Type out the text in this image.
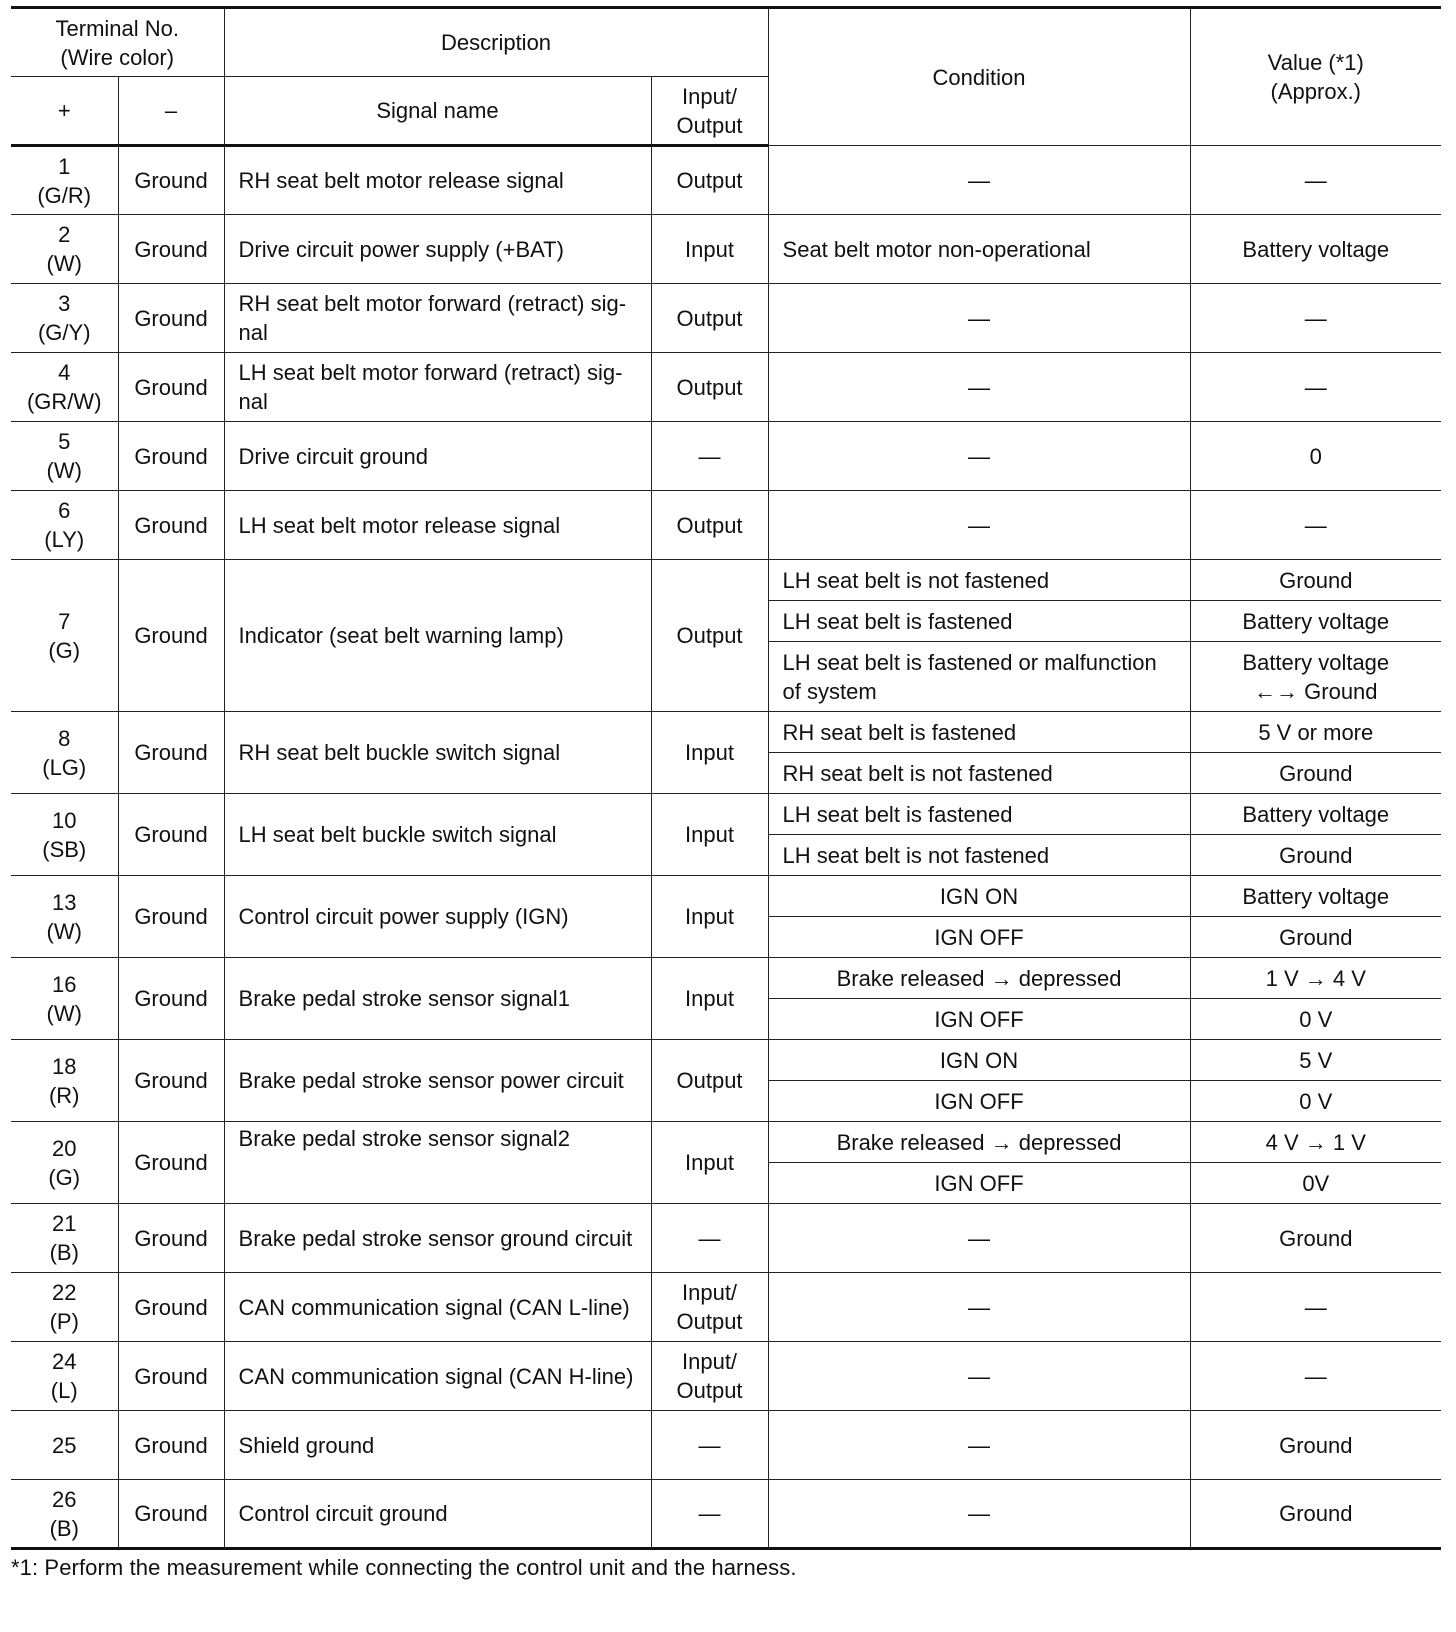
Terminal No.
(Wire color)		Description		Condition	Value (*1)
(Approx.)
+	–	Signal name	Input/
Output		

1
(G/R)	Ground	RH seat belt motor release signal	Output	—	—

2
(W)	Ground	Drive circuit power supply (+BAT)	Input	Seat belt motor non-operational	Battery voltage

3
(G/Y)	Ground	RH seat belt motor forward (retract) sig-
nal	Output	—	—

4
(GR/W)	Ground	LH seat belt motor forward (retract) sig-
nal	Output	—	—

5
(W)	Ground	Drive circuit ground	—	—	0

6
(LY)	Ground	LH seat belt motor release signal	Output	—	—

7
(G)	Ground	Indicator (seat belt warning lamp)	Output	LH seat belt is not fastened	Ground
				LH seat belt is fastened	Battery voltage
				LH seat belt is fastened or malfunction
of system	Battery voltage
←→ Ground

8
(LG)	Ground	RH seat belt buckle switch signal	Input	RH seat belt is fastened	5 V or more
				RH seat belt is not fastened	Ground

10
(SB)	Ground	LH seat belt buckle switch signal	Input	LH seat belt is fastened	Battery voltage
				LH seat belt is not fastened	Ground

13
(W)	Ground	Control circuit power supply (IGN)	Input	IGN ON	Battery voltage
				IGN OFF	Ground

16
(W)	Ground	Brake pedal stroke sensor signal1	Input	Brake released → depressed	1 V → 4 V
				IGN OFF	0 V

18
(R)	Ground	Brake pedal stroke sensor power circuit	Output	IGN ON	5 V
				IGN OFF	0 V

20
(G)	Ground	Brake pedal stroke sensor signal2	Input	Brake released → depressed	4 V → 1 V
				IGN OFF	0V

21
(B)	Ground	Brake pedal stroke sensor ground circuit	—	—	Ground

22
(P)	Ground	CAN communication signal (CAN L-line)	Input/
Output	—	—

24
(L)	Ground	CAN communication signal (CAN H-line)	Input/
Output	—	—

25	Ground	Shield ground	—	—	Ground

26
(B)	Ground	Control circuit ground	—	—	Ground
*1: Perform the measurement while connecting the control unit and the harness.
